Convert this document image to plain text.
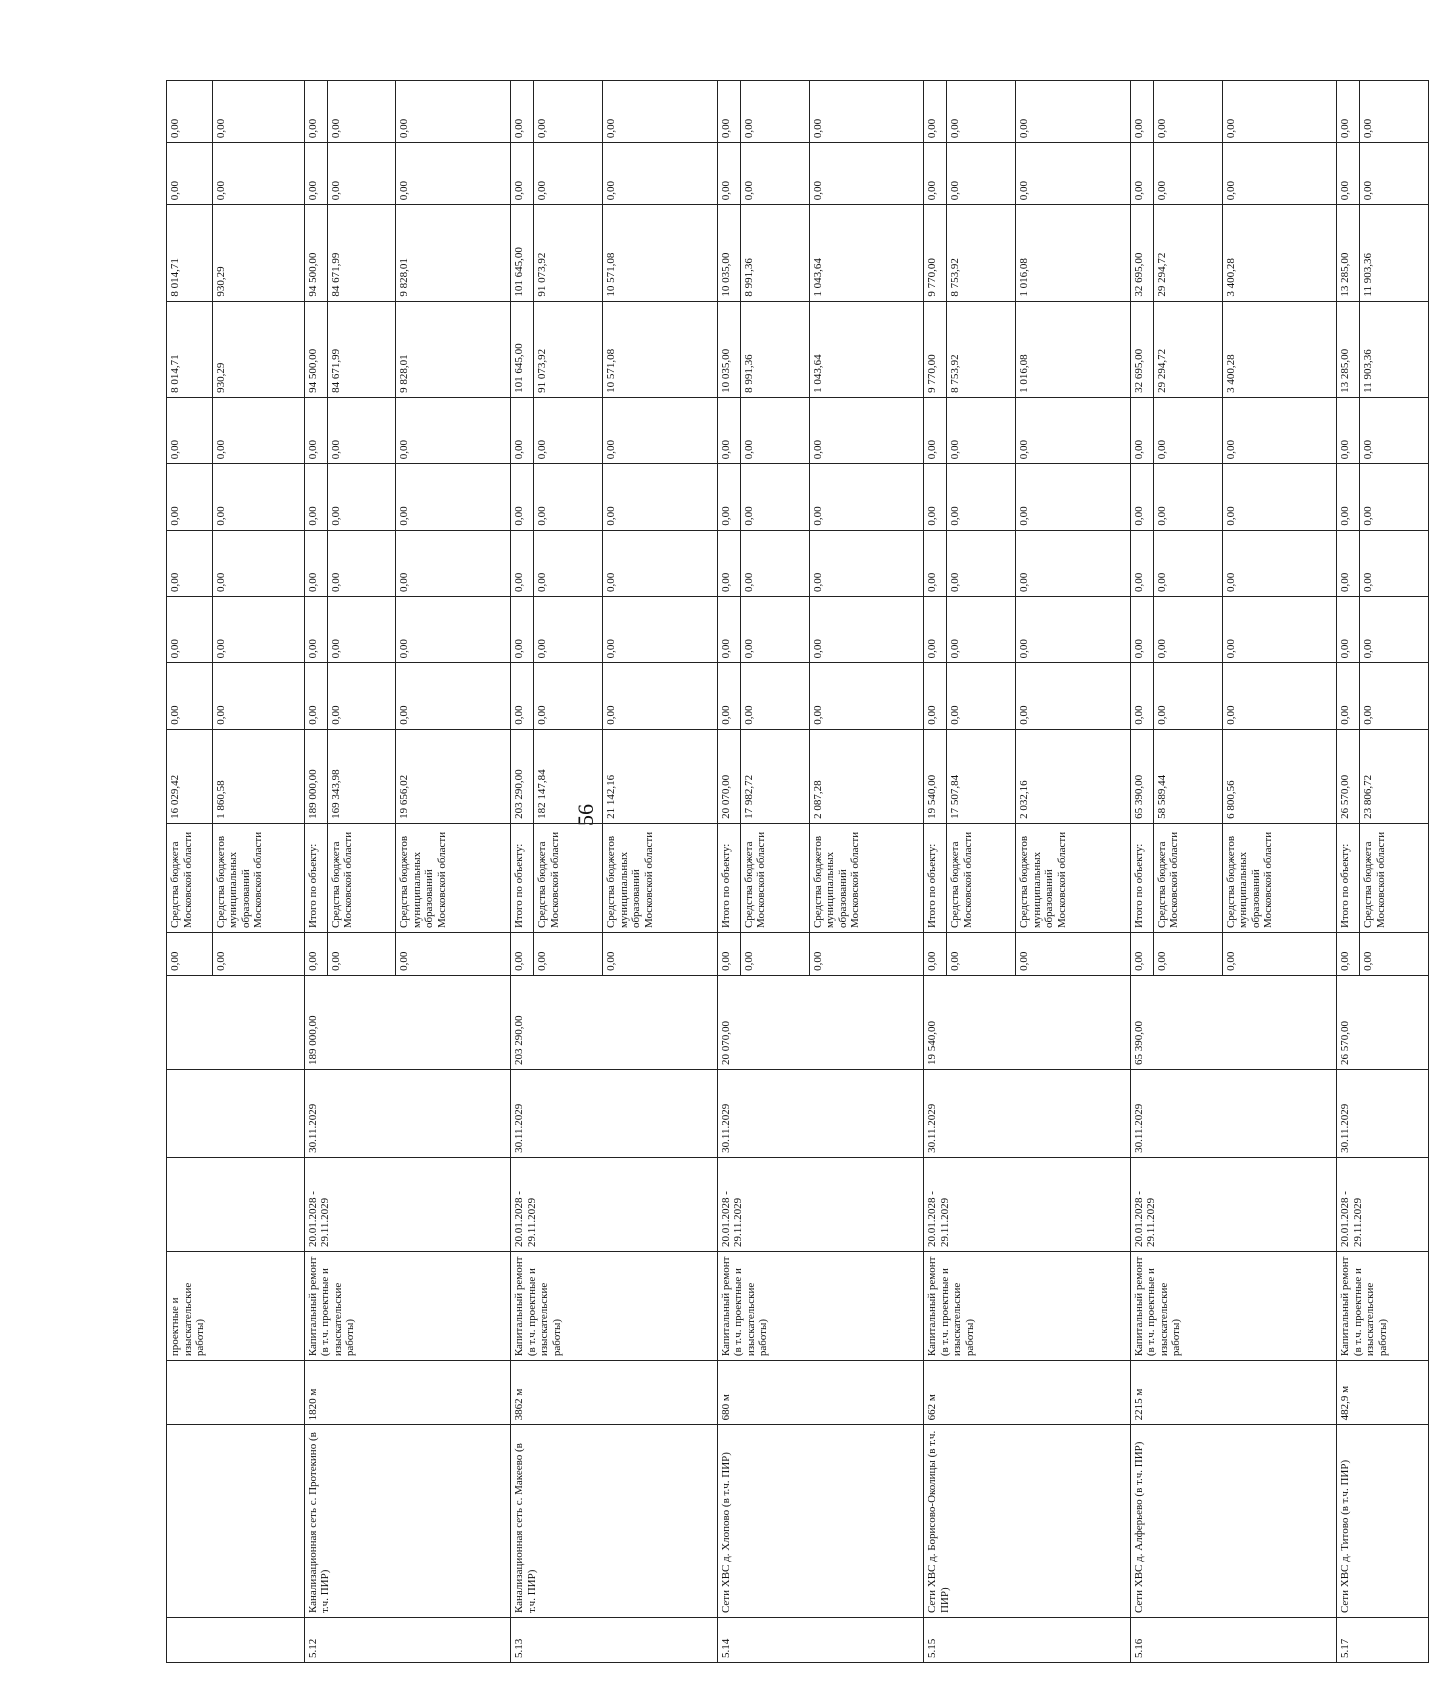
56
			проектные и изыскательские работы)				0,00	Средства бюджета Московской области	16 029,42	0,00	0,00	0,00	0,00	0,00	8 014,71	8 014,71	0,00	0,00
							0,00	Средства бюджетов муниципальных образований Московской области	1 860,58	0,00	0,00	0,00	0,00	0,00	930,29	930,29	0,00	0,00
5.12	Канализационная сеть с. Протекино (в т.ч. ПИР)	1820 м	Капитальный ремонт (в т.ч. проектные и изыскательские работы)	20.01.2028 - 29.11.2029	30.11.2029	189 000,00	0,00	Итого по объекту:	189 000,00	0,00	0,00	0,00	0,00	0,00	94 500,00	94 500,00	0,00	0,00
							0,00	Средства бюджета Московской области	169 343,98	0,00	0,00	0,00	0,00	0,00	84 671,99	84 671,99	0,00	0,00
							0,00	Средства бюджетов муниципальных образований Московской области	19 656,02	0,00	0,00	0,00	0,00	0,00	9 828,01	9 828,01	0,00	0,00
5.13	Канализационная сеть с. Макеево (в т.ч. ПИР)	3862 м	Капитальный ремонт (в т.ч. проектные и изыскательские работы)	20.01.2028 - 29.11.2029	30.11.2029	203 290,00	0,00	Итого по объекту:	203 290,00	0,00	0,00	0,00	0,00	0,00	101 645,00	101 645,00	0,00	0,00
							0,00	Средства бюджета Московской области	182 147,84	0,00	0,00	0,00	0,00	0,00	91 073,92	91 073,92	0,00	0,00
							0,00	Средства бюджетов муниципальных образований Московской области	21 142,16	0,00	0,00	0,00	0,00	0,00	10 571,08	10 571,08	0,00	0,00
5.14	Сети ХВС д. Хлопово (в т.ч. ПИР)	680 м	Капитальный ремонт (в т.ч. проектные и изыскательские работы)	20.01.2028 - 29.11.2029	30.11.2029	20 070,00	0,00	Итого по объекту:	20 070,00	0,00	0,00	0,00	0,00	0,00	10 035,00	10 035,00	0,00	0,00
							0,00	Средства бюджета Московской области	17 982,72	0,00	0,00	0,00	0,00	0,00	8 991,36	8 991,36	0,00	0,00
							0,00	Средства бюджетов муниципальных образований Московской области	2 087,28	0,00	0,00	0,00	0,00	0,00	1 043,64	1 043,64	0,00	0,00
5.15	Сети ХВС д. Борисово-Околицы (в т.ч. ПИР)	662 м	Капитальный ремонт (в т.ч. проектные и изыскательские работы)	20.01.2028 - 29.11.2029	30.11.2029	19 540,00	0,00	Итого по объекту:	19 540,00	0,00	0,00	0,00	0,00	0,00	9 770,00	9 770,00	0,00	0,00
							0,00	Средства бюджета Московской области	17 507,84	0,00	0,00	0,00	0,00	0,00	8 753,92	8 753,92	0,00	0,00
							0,00	Средства бюджетов муниципальных образований Московской области	2 032,16	0,00	0,00	0,00	0,00	0,00	1 016,08	1 016,08	0,00	0,00
5.16	Сети ХВС д. Алферьево (в т.ч. ПИР)	2215 м	Капитальный ремонт (в т.ч. проектные и изыскательские работы)	20.01.2028 - 29.11.2029	30.11.2029	65 390,00	0,00	Итого по объекту:	65 390,00	0,00	0,00	0,00	0,00	0,00	32 695,00	32 695,00	0,00	0,00
							0,00	Средства бюджета Московской области	58 589,44	0,00	0,00	0,00	0,00	0,00	29 294,72	29 294,72	0,00	0,00
							0,00	Средства бюджетов муниципальных образований Московской области	6 800,56	0,00	0,00	0,00	0,00	0,00	3 400,28	3 400,28	0,00	0,00
5.17	Сети ХВС д. Титово (в т.ч. ПИР)	482,9 м	Капитальный ремонт (в т.ч. проектные и изыскательские работы)	20.01.2028 - 29.11.2029	30.11.2029	26 570,00	0,00	Итого по объекту:	26 570,00	0,00	0,00	0,00	0,00	0,00	13 285,00	13 285,00	0,00	0,00
							0,00	Средства бюджета Московской области	23 806,72	0,00	0,00	0,00	0,00	0,00	11 903,36	11 903,36	0,00	0,00
